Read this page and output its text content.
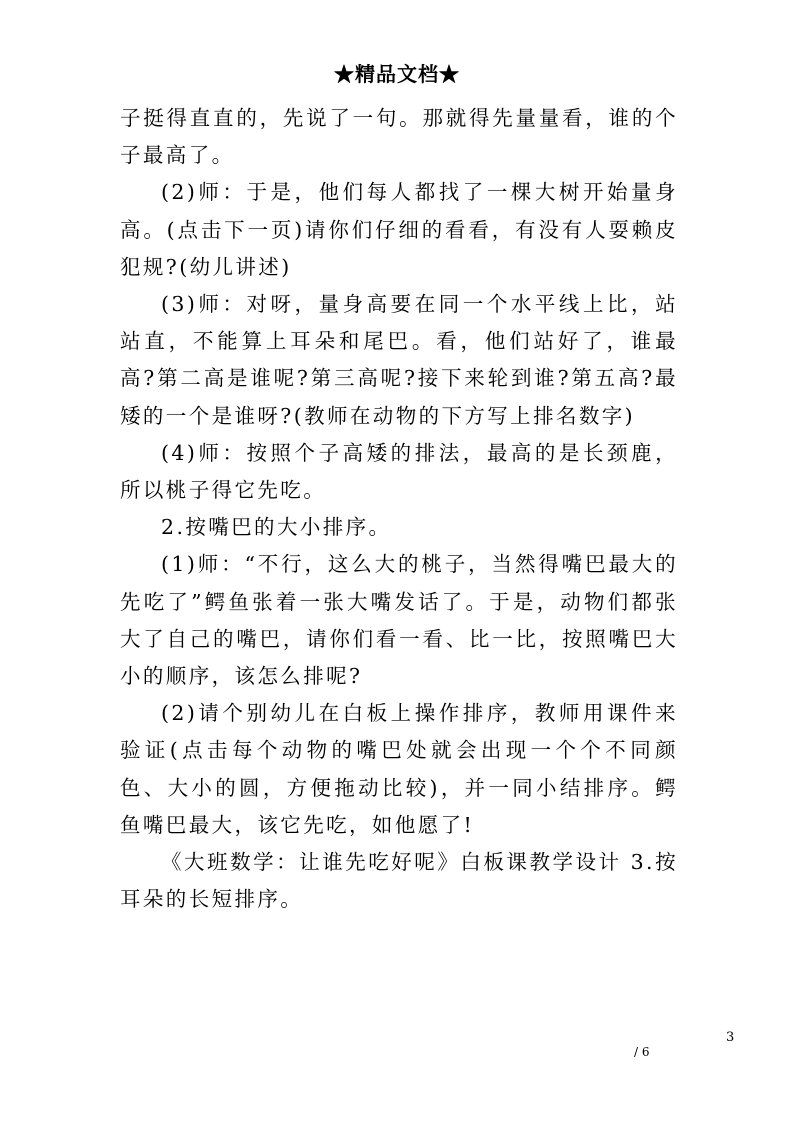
★精品文档★

子挺得直直的，先说了一句。那就得先量量看，谁的个子最高了。

(2)师：于是，他们每人都找了一棵大树开始量身高。(点击下一页)请你们仔细的看看，有没有人耍赖皮犯规?(幼儿讲述)

(3)师：对呀，量身高要在同一个水平线上比，站站直，不能算上耳朵和尾巴。看，他们站好了，谁最高?第二高是谁呢?第三高呢?接下来轮到谁?第五高?最矮的一个是谁呀?(教师在动物的下方写上排名数字)

(4)师：按照个子高矮的排法，最高的是长颈鹿，所以桃子得它先吃。

2.按嘴巴的大小排序。

(1)师：“不行，这么大的桃子，当然得嘴巴最大的先吃了”鳄鱼张着一张大嘴发话了。于是，动物们都张大了自己的嘴巴，请你们看一看、比一比，按照嘴巴大小的顺序，该怎么排呢?

(2)请个别幼儿在白板上操作排序，教师用课件来验证(点击每个动物的嘴巴处就会出现一个个不同颜色、大小的圆，方便拖动比较)，并一同小结排序。鳄鱼嘴巴最大，该它先吃，如他愿了!

《大班数学：让谁先吃好呢》白板课教学设计 3.按耳朵的长短排序。

3
/ 6
